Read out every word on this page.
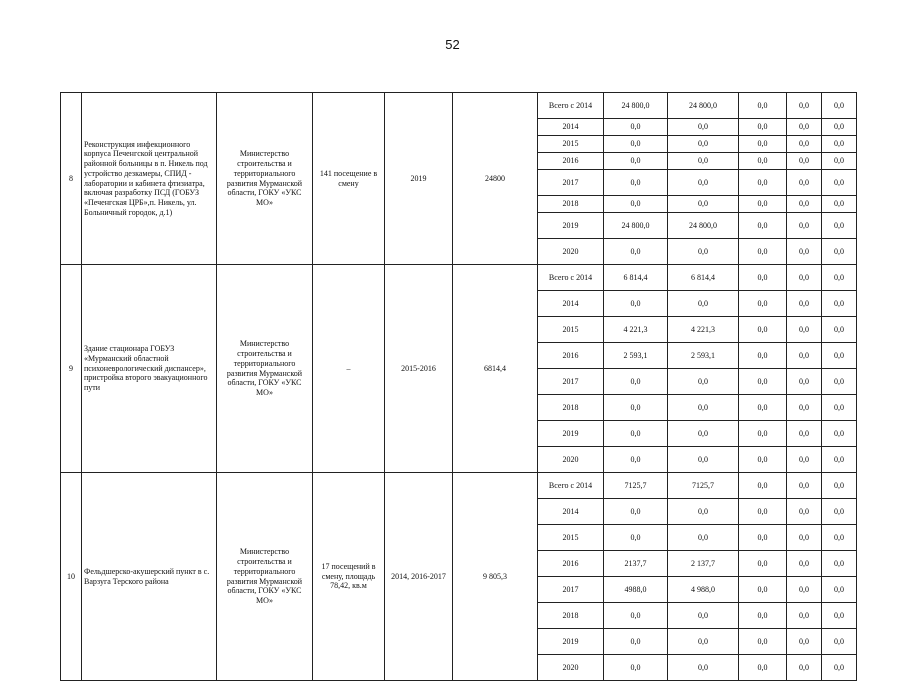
52
8	Реконструкция инфекционного корпуса Печенгской центральной районной больницы в п. Никель под устройство дезкамеры, СПИД - лаборатории и кабинета фтизиатра, включая разработку ПСД (ГОБУЗ «Печенгская ЦРБ»,п. Никель, ул. Больничный городок, д.1)	Министерство строительства и территориального развития Мурманской области, ГОКУ «УКС МО»	141 посещение в смену	2019	24800	Всего с 2014	24 800,0	24 800,0	0,0	0,0	0,0
						2014	0,0	0,0	0,0	0,0	0,0
						2015	0,0	0,0	0,0	0,0	0,0
						2016	0,0	0,0	0,0	0,0	0,0
						2017	0,0	0,0	0,0	0,0	0,0
						2018	0,0	0,0	0,0	0,0	0,0
						2019	24 800,0	24 800,0	0,0	0,0	0,0
						2020	0,0	0,0	0,0	0,0	0,0
9	Здание стационара ГОБУЗ «Мурманский областной психоневрологический диспансер», пристройка второго эвакуационного пути	Министерство строительства и территориального развития Мурманской области, ГОКУ «УКС МО»	–	2015-2016	6814,4	Всего с 2014	6 814,4	6 814,4	0,0	0,0	0,0
						2014	0,0	0,0	0,0	0,0	0,0
						2015	4 221,3	4 221,3	0,0	0,0	0,0
						2016	2 593,1	2 593,1	0,0	0,0	0,0
						2017	0,0	0,0	0,0	0,0	0,0
						2018	0,0	0,0	0,0	0,0	0,0
						2019	0,0	0,0	0,0	0,0	0,0
						2020	0,0	0,0	0,0	0,0	0,0
10	Фельдшерско-акушерский пункт в с. Варзуга Терского района	Министерство строительства и территориального развития Мурманской области, ГОКУ «УКС МО»	17 посещений в смену, площадь 78,42, кв.м	2014, 2016-2017	9 805,3	Всего с 2014	7125,7	7125,7	0,0	0,0	0,0
						2014	0,0	0,0	0,0	0,0	0,0
						2015	0,0	0,0	0,0	0,0	0,0
						2016	2137,7	2 137,7	0,0	0,0	0,0
						2017	4988,0	4 988,0	0,0	0,0	0,0
						2018	0,0	0,0	0,0	0,0	0,0
						2019	0,0	0,0	0,0	0,0	0,0
						2020	0,0	0,0	0,0	0,0	0,0
